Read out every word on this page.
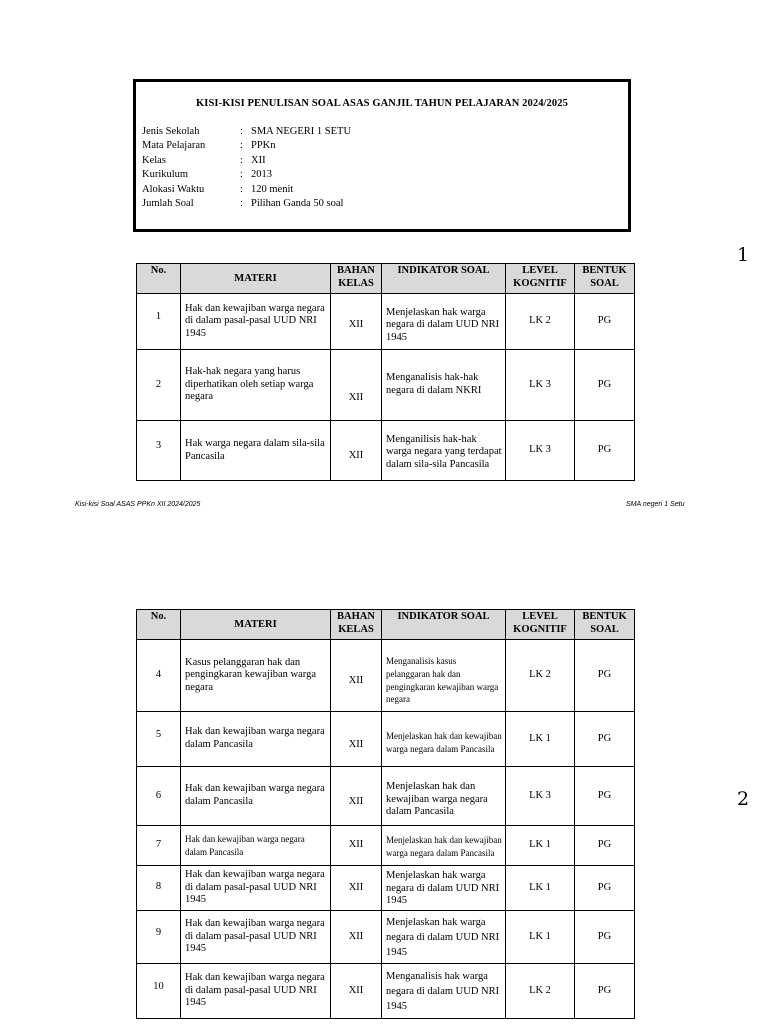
KISI-KISI PENULISAN SOAL ASAS GANJIL TAHUN PELAJARAN 2024/2025
Jenis Sekolah	: SMA NEGERI 1 SETU
Mata Pelajaran	: PPKn
Kelas	: XII
Kurikulum	: 2013
Alokasi Waktu	: 120 menit
Jumlah Soal	: Pilihan Ganda 50 soal
No.	MATERI	BAHAN KELAS	INDIKATOR SOAL	LEVEL KOGNITIF	BENTUK SOAL
1	Hak dan kewajiban warga negara di dalam pasal-pasal UUD NRI 1945	XII	Menjelaskan hak warga negara di dalam UUD NRI 1945	LK 2	PG
2	Hak-hak negara yang harus diperhatikan oleh setiap warga negara	XII	Menganalisis hak-hak negara di dalam NKRI	LK 3	PG
3	Hak warga negara dalam sila-sila Pancasila	XII	Menganilisis hak-hak warga negara yang terdapat dalam sila-sila Pancasila	LK 3	PG
1
Kisi-kisi Soal ASAS PPKn XII 2024/2025	SMA negeri 1 Setu
No.	MATERI	BAHAN KELAS	INDIKATOR SOAL	LEVEL KOGNITIF	BENTUK SOAL
4	Kasus pelanggaran hak dan pengingkaran kewajiban warga negara	XII	Menganalisis kasus pelanggaran hak dan pengingkaran kewajiban warga negara	LK 2	PG
5	Hak dan kewajiban warga negara dalam Pancasila	XII	Menjelaskan hak dan kewajiban warga negara dalam Pancasila	LK 1	PG
6	Hak dan kewajiban warga negara dalam Pancasila	XII	Menjelaskan hak dan kewajiban warga negara dalam Pancasila	LK 3	PG
7	Hak dan kewajiban warga negara dalam Pancasila	XII	Menjelaskan hak dan kewajiban warga negara dalam Pancasila	LK 1	PG
8	Hak dan kewajiban warga negara di dalam pasal-pasal UUD NRI 1945	XII	Menjelaskan hak warga negara di dalam UUD NRI 1945	LK 1	PG
9	Hak dan kewajiban warga negara di dalam pasal-pasal UUD NRI 1945	XII	Menjelaskan hak warga negara di dalam UUD NRI 1945	LK 1	PG
10	Hak dan kewajiban warga negara di dalam pasal-pasal UUD NRI 1945	XII	Menganalisis hak warga negara di dalam UUD NRI 1945	LK 2	PG
2
